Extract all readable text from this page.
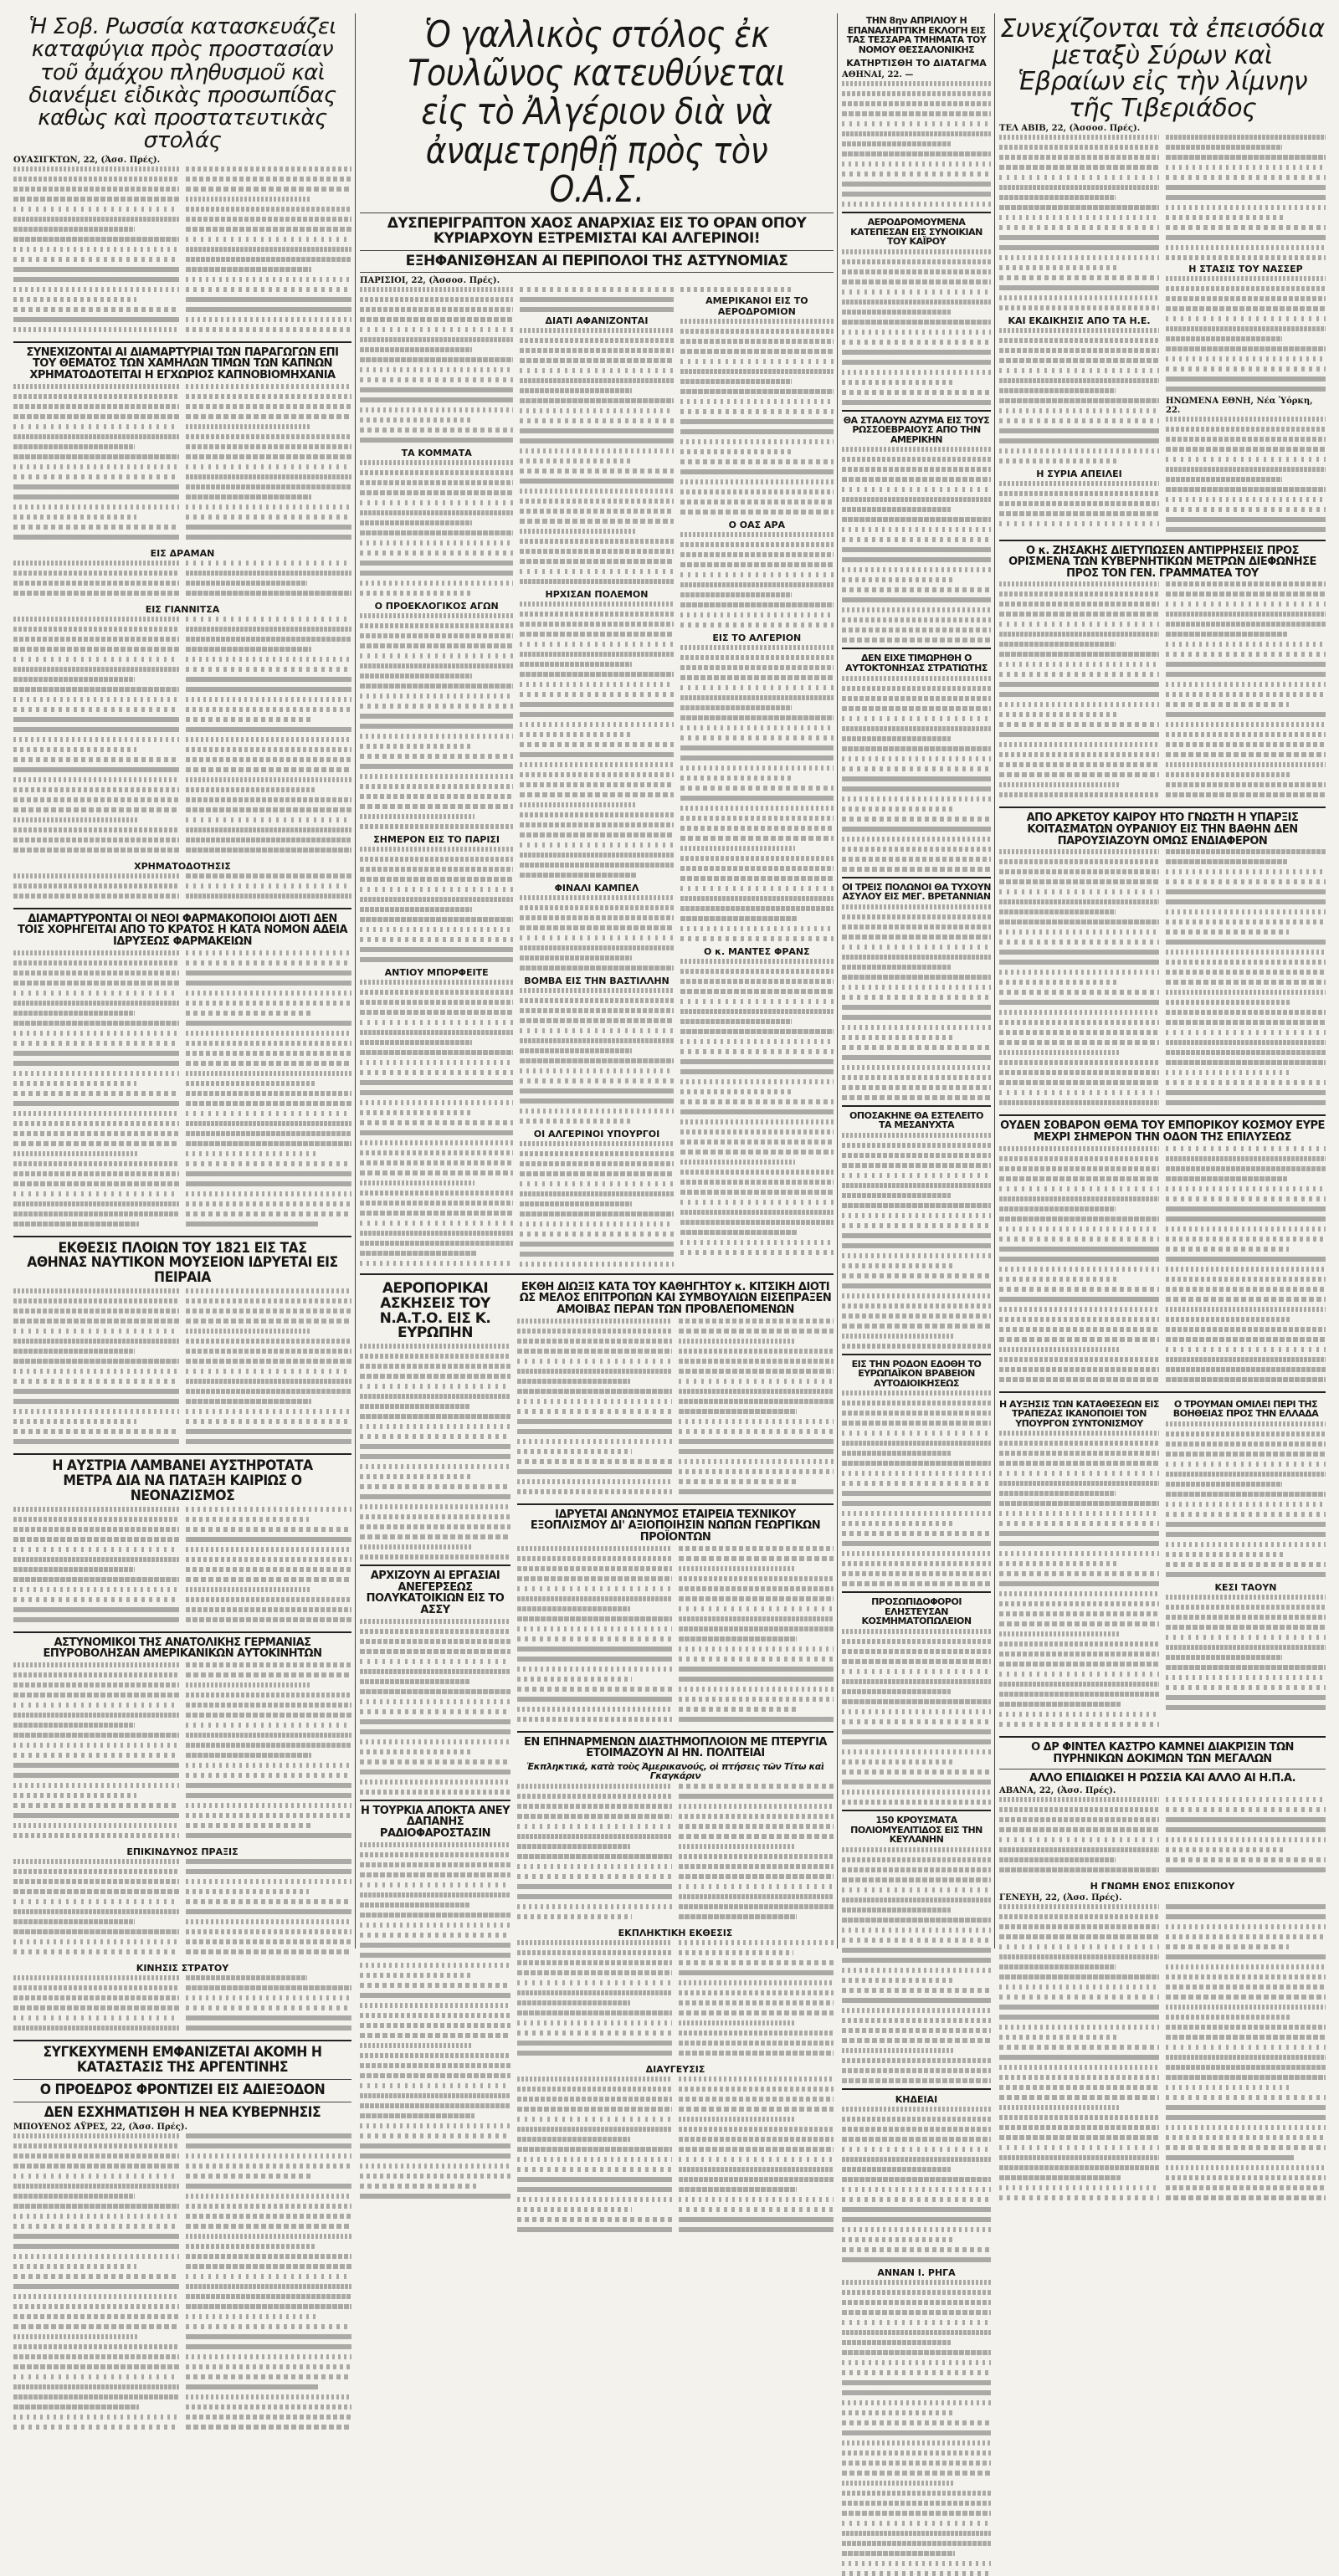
Ἡ Σοβ. Ρωσσία κατασκευάζει καταφύγια πρὸς προστασίαν τοῦ ἀμάχου πληθυσμοῦ καὶ διανέμει εἰδικὰς προσωπίδας καθὼς καὶ προστατευτικὰς στολάς
ΟΥΑΣΙΓΚΤΩΝ, 22, (Ἀσσ. Πρές).
ΣΥΝΕΧΙΖΟΝΤΑΙ ΑΙ ΔΙΑΜΑΡΤΥΡΙΑΙ ΤΩΝ ΠΑΡΑΓΩΓΩΝ ΕΠΙ ΤΟΥ ΘΕΜΑΤΟΣ ΤΩΝ ΧΑΜΗΛΩΝ ΤΙΜΩΝ ΤΩΝ ΚΑΠΝΩΝ ΧΡΗΜΑΤΟΔΟΤΕΙΤΑΙ Η ΕΓΧΩΡΙΟΣ ΚΑΠΝΟΒΙΟΜΗΧΑΝΙΑ
ΕΙΣ ΔΡΑΜΑΝ
ΕΙΣ ΓΙΑΝΝΙΤΣΑ
ΧΡΗΜΑΤΟΔΟΤΗΣΙΣ
ΔΙΑΜΑΡΤΥΡΟΝΤΑΙ ΟΙ ΝΕΟΙ ΦΑΡΜΑΚΟΠΟΙΟΙ ΔΙΟΤΙ ΔΕΝ ΤΟΙΣ ΧΟΡΗΓΕΙΤΑΙ ΑΠΟ ΤΟ ΚΡΑΤΟΣ Η ΚΑΤΑ ΝΟΜΟΝ ΑΔΕΙΑ ΙΔΡΥΣΕΩΣ ΦΑΡΜΑΚΕΙΩΝ
ΕΚΘΕΣΙΣ ΠΛΟΙΩΝ ΤΟΥ 1821 ΕΙΣ ΤΑΣ ΑΘΗΝΑΣ ΝΑΥΤΙΚΟΝ ΜΟΥΣΕΙΟΝ ΙΔΡΥΕΤΑΙ ΕΙΣ ΠΕΙΡΑΙΑ
Η ΑΥΣΤΡΙΑ ΛΑΜΒΑΝΕΙ ΑΥΣΤΗΡΟΤΑΤΑ ΜΕΤΡΑ ΔΙΑ ΝΑ ΠΑΤΑΞΗ ΚΑΙΡΙΩΣ Ο ΝΕΟΝΑΖΙΣΜΟΣ
ΑΣΤΥΝΟΜΙΚΟΙ ΤΗΣ ΑΝΑΤΟΛΙΚΗΣ ΓΕΡΜΑΝΙΑΣ ΕΠΥΡΟΒΟΛΗΣΑΝ ΑΜΕΡΙΚΑΝΙΚΩΝ ΑΥΤΟΚΙΝΗΤΩΝ
ΕΠΙΚΙΝΔΥΝΟΣ ΠΡΑΞΙΣ
ΚΙΝΗΣΙΣ ΣΤΡΑΤΟΥ
ΣΥΓΚΕΧΥΜΕΝΗ ΕΜΦΑΝΙΖΕΤΑΙ ΑΚΟΜΗ Η ΚΑΤΑΣΤΑΣΙΣ ΤΗΣ ΑΡΓΕΝΤΙΝΗΣ
Ο ΠΡΟΕΔΡΟΣ ΦΡΟΝΤΙΖΕΙ ΕΙΣ ΑΔΙΕΞΟΔΟΝ
ΔΕΝ ΕΣΧΗΜΑΤΙΣΘΗ Η ΝΕΑ ΚΥΒΕΡΝΗΣΙΣ
ΜΠΟΥΕΝΟΣ ΑΫΡΕΣ, 22, (Ἀσσ. Πρές).
Ὁ γαλλικὸς στόλος ἐκ Τουλῶνος κατευθύνεται εἰς τὸ Ἀλγέριον διὰ νὰ ἀναμετρηθῇ πρὸς τὸν Ο.Α.Σ.
ΔΥΣΠΕΡΙΓΡΑΠΤΟΝ ΧΑΟΣ ΑΝΑΡΧΙΑΣ ΕΙΣ ΤΟ ΟΡΑΝ ΟΠΟΥ ΚΥΡΙΑΡΧΟΥΝ ΕΞΤΡΕΜΙΣΤΑΙ ΚΑΙ ΑΛΓΕΡΙΝΟΙ!
ΕΞΗΦΑΝΙΣΘΗΣΑΝ ΑΙ ΠΕΡΙΠΟΛΟΙ ΤΗΣ ΑΣΤΥΝΟΜΙΑΣ
ΠΑΡΙΣΙΟΙ, 22, (Ἀσσοσ. Πρές).
ΤΑ ΚΟΜΜΑΤΑ
Ο ΠΡΟΕΚΛΟΓΙΚΟΣ ΑΓΩΝ
ΣΗΜΕΡΟΝ ΕΙΣ ΤΟ ΠΑΡΙΣΙ
ΑΝΤΙΟΥ ΜΠΟΡΦΕΙΤΕ
ΔΙΑΤΙ ΑΦΑΝΙΖΟΝΤΑΙ
ΗΡΧΙΣΑΝ ΠΟΛΕΜΟΝ
ΦΙΝΑΛΙ ΚΑΜΠΕΛ
ΒΟΜΒΑ ΕΙΣ ΤΗΝ ΒΑΣΤΙΛΛΗΝ
ΟΙ ΑΛΓΕΡΙΝΟΙ ΥΠΟΥΡΓΟΙ
ΑΜΕΡΙΚΑΝΟΙ ΕΙΣ ΤΟ ΑΕΡΟΔΡΟΜΙΟΝ
Ο ΟΑΣ ΑΡΑ
ΕΙΣ ΤΟ ΑΛΓΕΡΙΟΝ
Ο κ. ΜΑΝΤΕΣ ΦΡΑΝΣ
ΑΕΡΟΠΟΡΙΚΑΙ ΑΣΚΗΣΕΙΣ ΤΟΥ Ν.Α.Τ.Ο. ΕΙΣ Κ. ΕΥΡΩΠΗΝ
ΑΡΧΙΖΟΥΝ ΑΙ ΕΡΓΑΣΙΑΙ ΑΝΕΓΕΡΣΕΩΣ ΠΟΛΥΚΑΤΟΙΚΙΩΝ ΕΙΣ ΤΟ ΑΣΣΥ
Η ΤΟΥΡΚΙΑ ΑΠΟΚΤΑ ΑΝΕΥ ΔΑΠΑΝΗΣ ΡΑΔΙΟΦΑΡΟΣΤΑΣΙΝ
ΕΚΘΗ ΔΙΩΞΙΣ ΚΑΤΑ ΤΟΥ ΚΑΘΗΓΗΤΟΥ κ. ΚΙΤΣΙΚΗ ΔΙΟΤΙ ΩΣ ΜΕΛΟΣ ΕΠΙΤΡΟΠΩΝ ΚΑΙ ΣΥΜΒΟΥΛΙΩΝ ΕΙΣΕΠΡΑΞΕΝ ΑΜΟΙΒΑΣ ΠΕΡΑΝ ΤΩΝ ΠΡΟΒΛΕΠΟΜΕΝΩΝ
ΙΔΡΥΕΤΑΙ ΑΝΩΝΥΜΟΣ ΕΤΑΙΡΕΙΑ ΤΕΧΝΙΚΟΥ ΕΞΟΠΛΙΣΜΟΥ ΔΙ' ΑΞΙΟΠΟΙΗΣΙΝ ΝΩΠΩΝ ΓΕΩΡΓΙΚΩΝ ΠΡΟΪΟΝΤΩΝ
ΕΝ ΕΠΗΝΑΡΜΕΝΩΝ ΔΙΑΣΤΗΜΟΠΛΟΙΟΝ ΜΕ ΠΤΕΡΥΓΙΑ ΕΤΟΙΜΑΖΟΥΝ ΑΙ ΗΝ. ΠΟΛΙΤΕΙΑΙ
Ἐκπληκτικά, κατὰ τοὺς Ἀμερικανούς, οἱ πτήσεις τῶν Τίτω καὶ Γκαγκάριν
ΕΚΠΛΗΚΤΙΚΗ ΕΚΘΕΣΙΣ
ΔΙΑΥΓΕΥΣΙΣ
ΤΗΝ 8ην ΑΠΡΙΛΙΟΥ Η ΕΠΑΝΑΛΗΠΤΙΚΗ ΕΚΛΟΓΗ ΕΙΣ ΤΑΣ ΤΕΣΣΑΡΑ ΤΜΗΜΑΤΑ ΤΟΥ ΝΟΜΟΥ ΘΕΣΣΑΛΟΝΙΚΗΣ
ΚΑΤΗΡΤΙΣΘΗ ΤΟ ΔΙΑΤΑΓΜΑ
ΑΘΗΝΑΙ, 22. —
ΑΕΡΟΔΡΟΜΟΥΜΕΝΑ ΚΑΤΕΠΕΣΑΝ ΕΙΣ ΣΥΝΟΙΚΙΑΝ ΤΟΥ ΚΑΪΡΟΥ
ΘΑ ΣΤΑΛΟΥΝ ΑΖΥΜΑ ΕΙΣ ΤΟΥΣ ΡΩΣΣΟΕΒΡΑΙΟΥΣ ΑΠΟ ΤΗΝ ΑΜΕΡΙΚΗΝ
ΔΕΝ ΕΙΧΕ ΤΙΜΩΡΗΘΗ Ο ΑΥΤΟΚΤΟΝΗΣΑΣ ΣΤΡΑΤΙΩΤΗΣ
ΟΙ ΤΡΕΙΣ ΠΟΛΩΝΟΙ ΘΑ ΤΥΧΟΥΝ ΑΣΥΛΟΥ ΕΙΣ ΜΕΓ. ΒΡΕΤΑΝΝΙΑΝ
ΟΠΟΣΑΚΗΝΕ ΘΑ ΕΣΤΕΛΕΙΤΟ ΤΑ ΜΕΣΑΝΥΧΤΑ
ΕΙΣ ΤΗΝ ΡΟΔΟΝ ΕΔΟΘΗ ΤΟ ΕΥΡΩΠΑΪΚΟΝ ΒΡΑΒΕΙΟΝ ΑΥΤΟΔΙΟΙΚΗΣΕΩΣ
ΠΡΟΣΩΠΙΔΟΦΟΡΟΙ ΕΛΗΣΤΕΥΣΑΝ ΚΟΣΜΗΜΑΤΟΠΩΛΕΙΟΝ
150 ΚΡΟΥΣΜΑΤΑ ΠΟΛΙΟΜΥΕΛΙΤΙΔΟΣ ΕΙΣ ΤΗΝ ΚΕΥΛΑΝΗΝ
ΚΗΔΕΙΑΙ
ΑΝΝΑΝ Ι. ΡΗΓΑ
Συνεχίζονται τὰ ἐπεισόδια μεταξὺ Σύρων καὶ Ἑβραίων εἰς τὴν λίμνην τῆς Τιβεριάδος
ΤΕΛ ΑΒΙΒ, 22, (Ἀσσοσ. Πρές).
ΚΑΙ ΕΚΔΙΚΗΣΙΣ ΑΠΟ ΤΑ Η.Ε.
Η ΣΥΡΙΑ ΑΠΕΙΛΕΙ
Η ΣΤΑΣΙΣ ΤΟΥ ΝΑΣΣΕΡ
ΗΝΩΜΕΝΑ ΕΘΝΗ, Νέα Ὑόρκη, 22.
Ο κ. ΖΗΣΑΚΗΣ ΔΙΕΤΥΠΩΣΕΝ ΑΝΤΙΡΡΗΣΕΙΣ ΠΡΟΣ ΟΡΙΣΜΕΝΑ ΤΩΝ ΚΥΒΕΡΝΗΤΙΚΩΝ ΜΕΤΡΩΝ ΔΙΕΦΩΝΗΣΕ ΠΡΟΣ ΤΟΝ ΓΕΝ. ΓΡΑΜΜΑΤΕΑ ΤΟΥ
ΑΠΟ ΑΡΚΕΤΟΥ ΚΑΙΡΟΥ ΗΤΟ ΓΝΩΣΤΗ Η ΥΠΑΡΞΙΣ ΚΟΙΤΑΣΜΑΤΩΝ ΟΥΡΑΝΙΟΥ ΕΙΣ ΤΗΝ ΒΑΘΗΝ ΔΕΝ ΠΑΡΟΥΣΙΑΖΟΥΝ ΟΜΩΣ ΕΝΔΙΑΦΕΡΟΝ
ΟΥΔΕΝ ΣΟΒΑΡΟΝ ΘΕΜΑ ΤΟΥ ΕΜΠΟΡΙΚΟΥ ΚΟΣΜΟΥ ΕΥΡΕ ΜΕΧΡΙ ΣΗΜΕΡΟΝ ΤΗΝ ΟΔΟΝ ΤΗΣ ΕΠΙΛΥΣΕΩΣ
Η ΑΥΞΗΣΙΣ ΤΩΝ ΚΑΤΑΘΕΣΕΩΝ ΕΙΣ ΤΡΑΠΕΖΑΣ ΙΚΑΝΟΠΟΙΕΙ ΤΟΝ ΥΠΟΥΡΓΟΝ ΣΥΝΤΟΝΙΣΜΟΥ
Ο ΤΡΟΥΜΑΝ ΟΜΙΛΕΙ ΠΕΡΙ ΤΗΣ ΒΟΗΘΕΙΑΣ ΠΡΟΣ ΤΗΝ ΕΛΛΑΔΑ
ΚΕΣΙ ΤΑΟΥΝ
Ο ΔΡ ΦΙΝΤΕΛ ΚΑΣΤΡΟ ΚΑΜΝΕΙ ΔΙΑΚΡΙΣΙΝ ΤΩΝ ΠΥΡΗΝΙΚΩΝ ΔΟΚΙΜΩΝ ΤΩΝ ΜΕΓΑΛΩΝ
ΑΛΛΟ ΕΠΙΔΙΩΚΕΙ Η ΡΩΣΣΙΑ ΚΑΙ ΑΛΛΟ ΑΙ Η.Π.Α.
ΑΒΑΝΑ, 22, (Ἀσσ. Πρές).
Η ΓΝΩΜΗ ΕΝΟΣ ΕΠΙΣΚΟΠΟΥ
ΓΕΝΕΥΗ, 22, (Ἀσσ. Πρές).
